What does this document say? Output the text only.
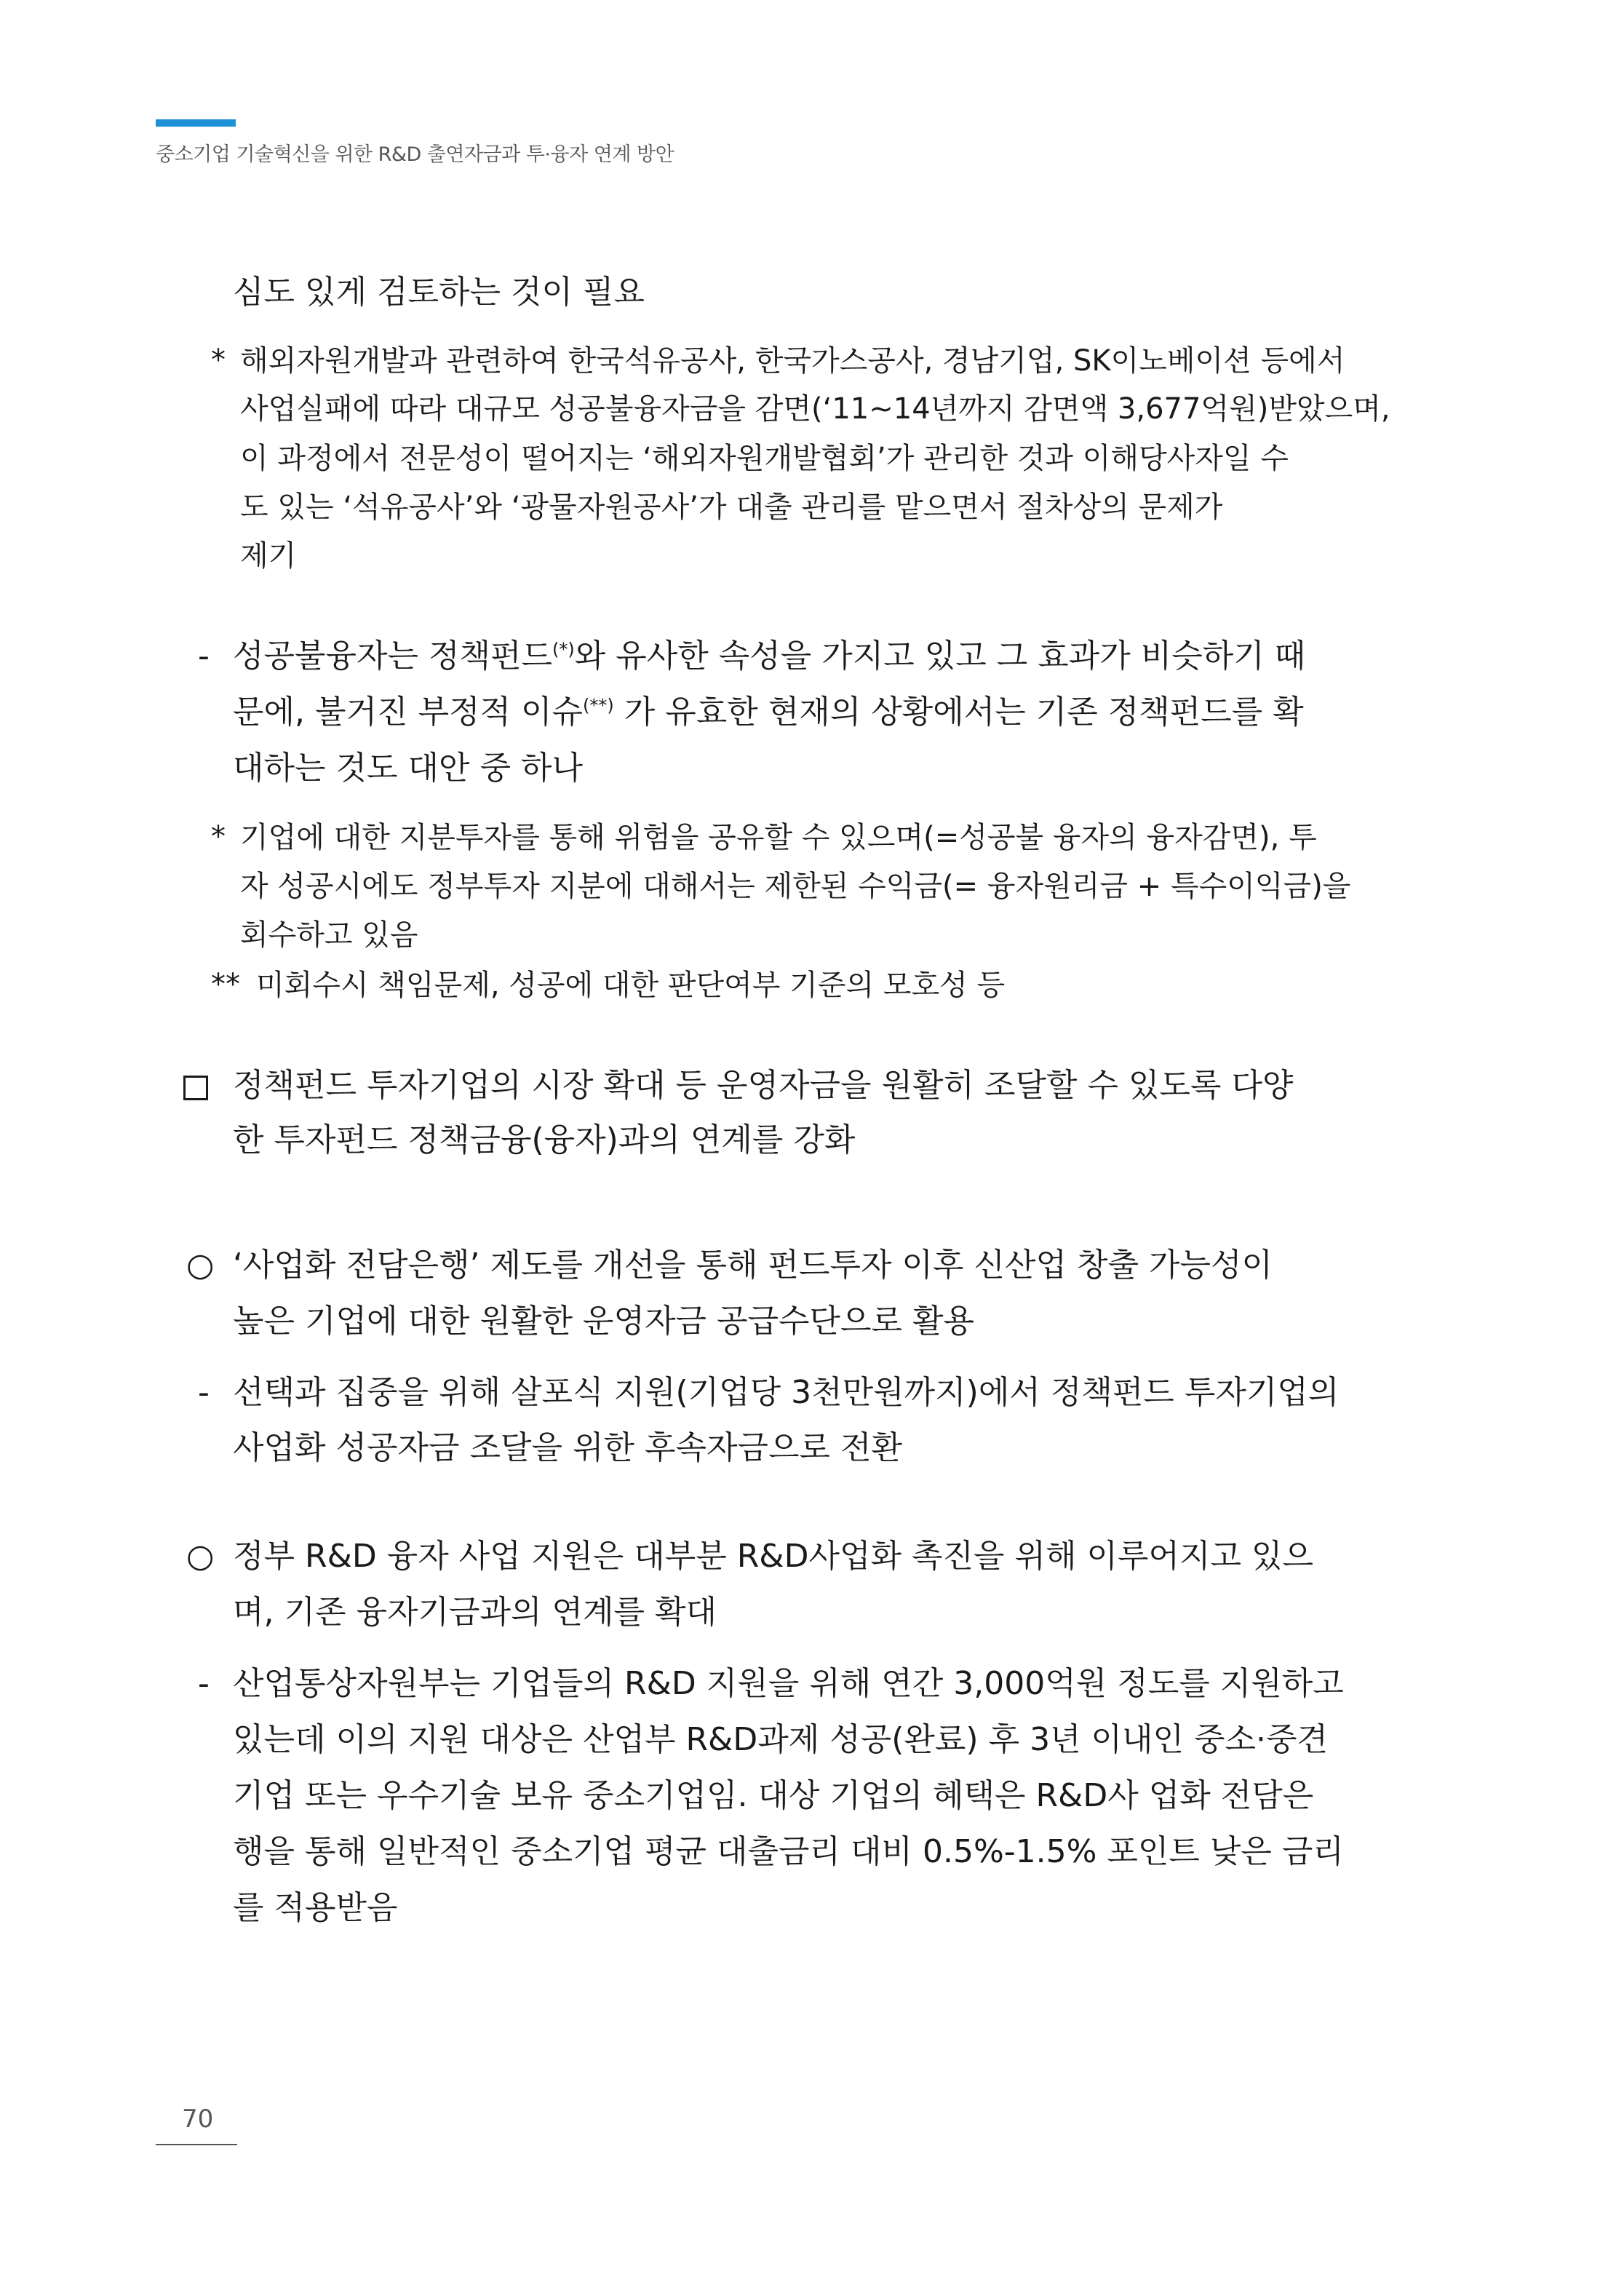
중소기업 기술혁신을 위한 R&D 출연자금과 투·융자 연계 방안
심도 있게 검토하는 것이 필요
* 해외자원개발과 관련하여 한국석유공사, 한국가스공사, 경남기업, SK이노베이션 등에서
사업실패에 따라 대규모 성공불융자금을 감면(‘11~14년까지 감면액 3,677억원)받았으며,
이 과정에서 전문성이 떨어지는 ‘해외자원개발협회’가 관리한 것과 이해당사자일 수
도 있는 ‘석유공사’와 ‘광물자원공사’가 대출 관리를 맡으면서 절차상의 문제가
제기
- 성공불융자는 정책펀드(*)와 유사한 속성을 가지고 있고 그 효과가 비슷하기 때
문에, 불거진 부정적 이슈(**) 가 유효한 현재의 상황에서는 기존 정책펀드를 확
대하는 것도 대안 중 하나
* 기업에 대한 지분투자를 통해 위험을 공유할 수 있으며(=성공불 융자의 융자감면), 투
자 성공시에도 정부투자 지분에 대해서는 제한된 수익금(= 융자원리금 + 특수이익금)을
회수하고 있음
** 미회수시 책임문제, 성공에 대한 판단여부 기준의 모호성 등
정책펀드 투자기업의 시장 확대 등 운영자금을 원활히 조달할 수 있도록 다양
한 투자펀드 정책금융(융자)과의 연계를 강화
○ ‘사업화 전담은행’ 제도를 개선을 통해 펀드투자 이후 신산업 창출 가능성이
높은 기업에 대한 원활한 운영자금 공급수단으로 활용
- 선택과 집중을 위해 살포식 지원(기업당 3천만원까지)에서 정책펀드 투자기업의
사업화 성공자금 조달을 위한 후속자금으로 전환
○ 정부 R&D 융자 사업 지원은 대부분 R&D사업화 촉진을 위해 이루어지고 있으
며, 기존 융자기금과의 연계를 확대
- 산업통상자원부는 기업들의 R&D 지원을 위해 연간 3,000억원 정도를 지원하고
있는데 이의 지원 대상은 산업부 R&D과제 성공(완료) 후 3년 이내인 중소·중견
기업 또는 우수기술 보유 중소기업임. 대상 기업의 혜택은 R&D사 업화 전담은
행을 통해 일반적인 중소기업 평균 대출금리 대비 0.5%-1.5% 포인트 낮은 금리
를 적용받음
70
